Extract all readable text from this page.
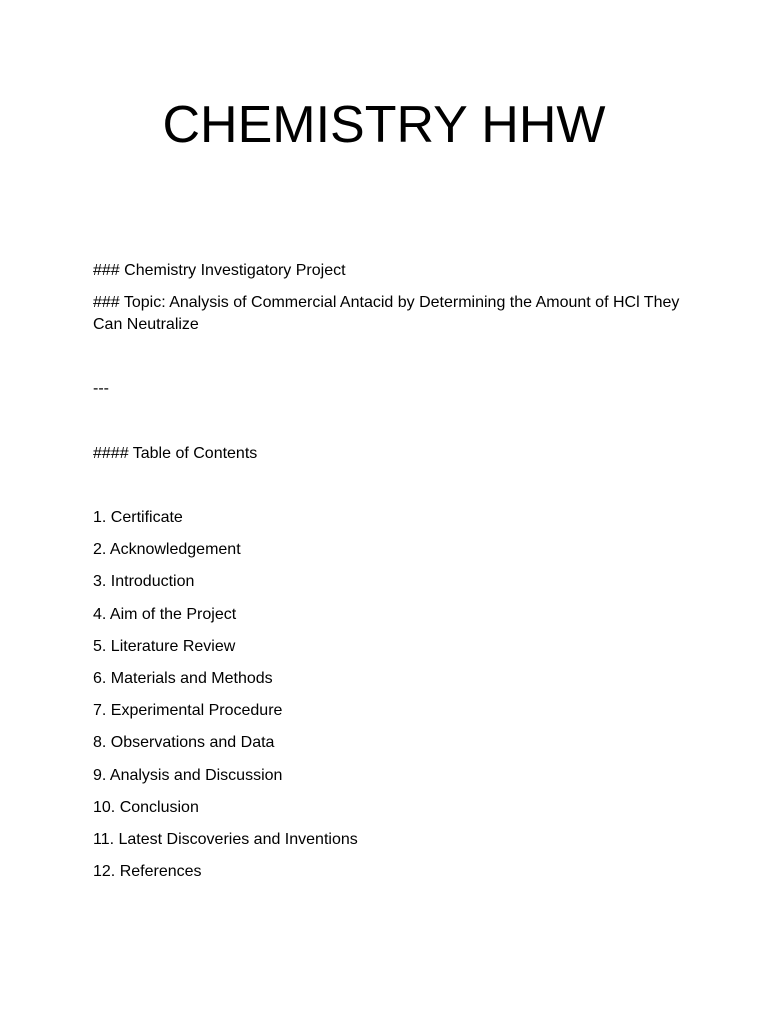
CHEMISTRY HHW

### Chemistry Investigatory Project

### Topic: Analysis of Commercial Antacid by Determining the Amount of HCl They Can Neutralize

---

#### Table of Contents

1. Certificate
2. Acknowledgement
3. Introduction
4. Aim of the Project
5. Literature Review
6. Materials and Methods
7. Experimental Procedure
8. Observations and Data
9. Analysis and Discussion
10. Conclusion
11. Latest Discoveries and Inventions
12. References
